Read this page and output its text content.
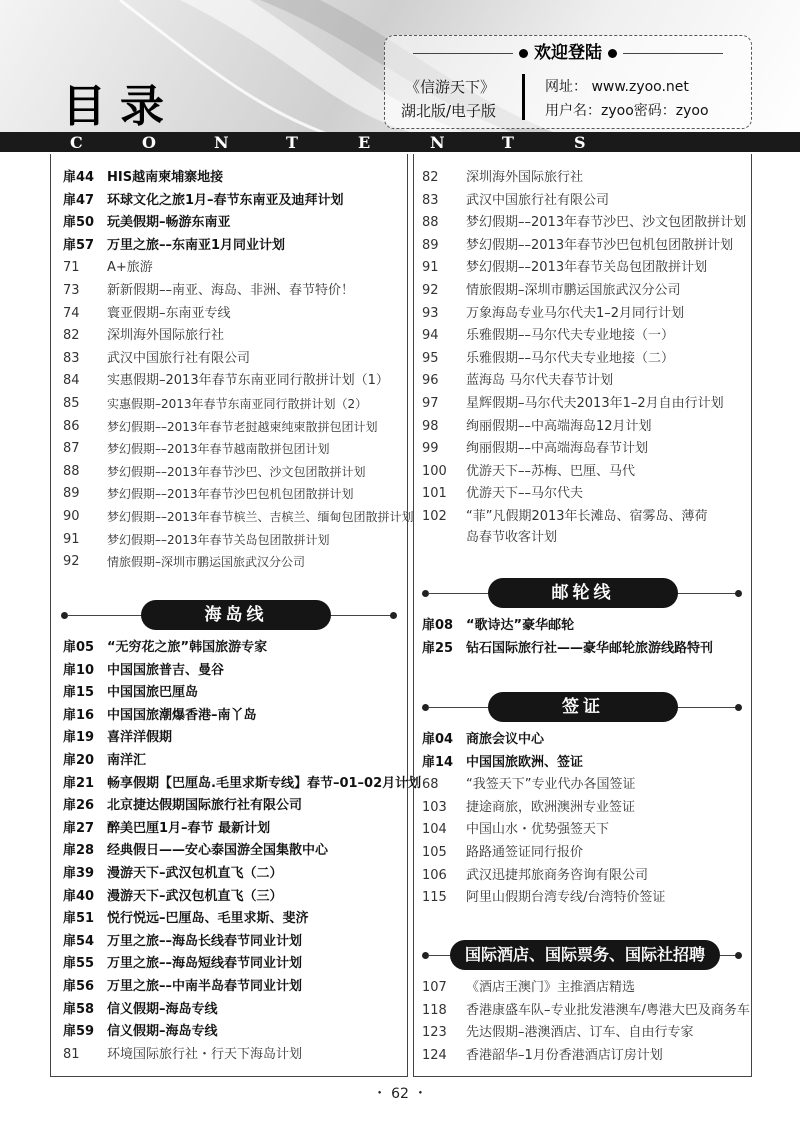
目录
欢迎登陆
《信游天下》
湖北版/电子版
网址： www.zyoo.net
用户名：zyoo密码：zyoo
C	O	N	T	E	N	T	S
扉44 HIS越南柬埔寨地接
扉47 环球文化之旅1月–春节东南亚及迪拜计划
扉50 玩美假期–畅游东南亚
扉57 万里之旅––东南亚1月同业计划
71	A+旅游
73	新新假期––南亚、海岛、非洲、春节特价！
74	寰亚假期–东南亚专线
82	深圳海外国际旅行社
83	武汉中国旅行社有限公司
84	实惠假期–2013年春节东南亚同行散拼计划（1）
85	实惠假期–2013年春节东南亚同行散拼计划（2）
86	梦幻假期––2013年春节老挝越柬纯柬散拼包团计划
87	梦幻假期––2013年春节越南散拼包团计划
88	梦幻假期––2013年春节沙巴、沙文包团散拼计划
89	梦幻假期––2013年春节沙巴包机包团散拼计划
90	梦幻假期––2013年春节槟兰、吉槟兰、缅甸包团散拼计划
91	梦幻假期––2013年春节关岛包团散拼计划
92	情旅假期–深圳市鹏运国旅武汉分公司
海岛线
扉05 “无穷花之旅”韩国旅游专家
扉10 中国国旅普吉、曼谷
扉15 中国国旅巴厘岛
扉16 中国国旅潮爆香港–南丫岛
扉19 喜洋洋假期
扉20 南洋汇
扉21 畅享假期【巴厘岛.毛里求斯专线】春节–01–02月计划
扉26 北京捷达假期国际旅行社有限公司
扉27 醉美巴厘1月–春节 最新计划
扉28 经典假日——安心泰国游全国集散中心
扉39 漫游天下–武汉包机直飞（二）
扉40 漫游天下–武汉包机直飞（三）
扉51 悦行悦远–巴厘岛、毛里求斯、斐济
扉54 万里之旅––海岛长线春节同业计划
扉55 万里之旅––海岛短线春节同业计划
扉56 万里之旅––中南半岛春节同业计划
扉58 信义假期–海岛专线
扉59 信义假期–海岛专线
81	环境国际旅行社・行天下海岛计划
82	深圳海外国际旅行社
83	武汉中国旅行社有限公司
88	梦幻假期––2013年春节沙巴、沙文包团散拼计划
89	梦幻假期––2013年春节沙巴包机包团散拼计划
91	梦幻假期––2013年春节关岛包团散拼计划
92	情旅假期–深圳市鹏运国旅武汉分公司
93	万象海岛专业马尔代夫1–2月同行计划
94	乐雅假期––马尔代夫专业地接（一）
95	乐雅假期––马尔代夫专业地接（二）
96	蓝海岛 马尔代夫春节计划
97	星辉假期–马尔代夫2013年1–2月自由行计划
98	绚丽假期––中高端海岛12月计划
99	绚丽假期––中高端海岛春节计划
100	优游天下––苏梅、巴厘、马代
101	优游天下––马尔代夫
102	“菲”凡假期2013年长滩岛、宿雾岛、薄荷
岛春节收客计划
邮轮线
扉08 “歌诗达”豪华邮轮
扉25 钻石国际旅行社——豪华邮轮旅游线路特刊
签证
扉04 商旅会议中心
扉14 中国国旅欧洲、签证
68	“我签天下”专业代办各国签证
103	捷途商旅，欧洲澳洲专业签证
104	中国山水・优势强签天下
105	路路通签证同行报价
106	武汉迅捷邦旅商务咨询有限公司
115	阿里山假期台湾专线/台湾特价签证
国际酒店、国际票务、国际社招聘
107	《酒店王澳门》主推酒店精选
118	香港康盛车队–专业批发港澳车/粤港大巴及商务车
123	先达假期–港澳酒店、订车、自由行专家
124	香港韶华–1月份香港酒店订房计划
・ 62 ・
